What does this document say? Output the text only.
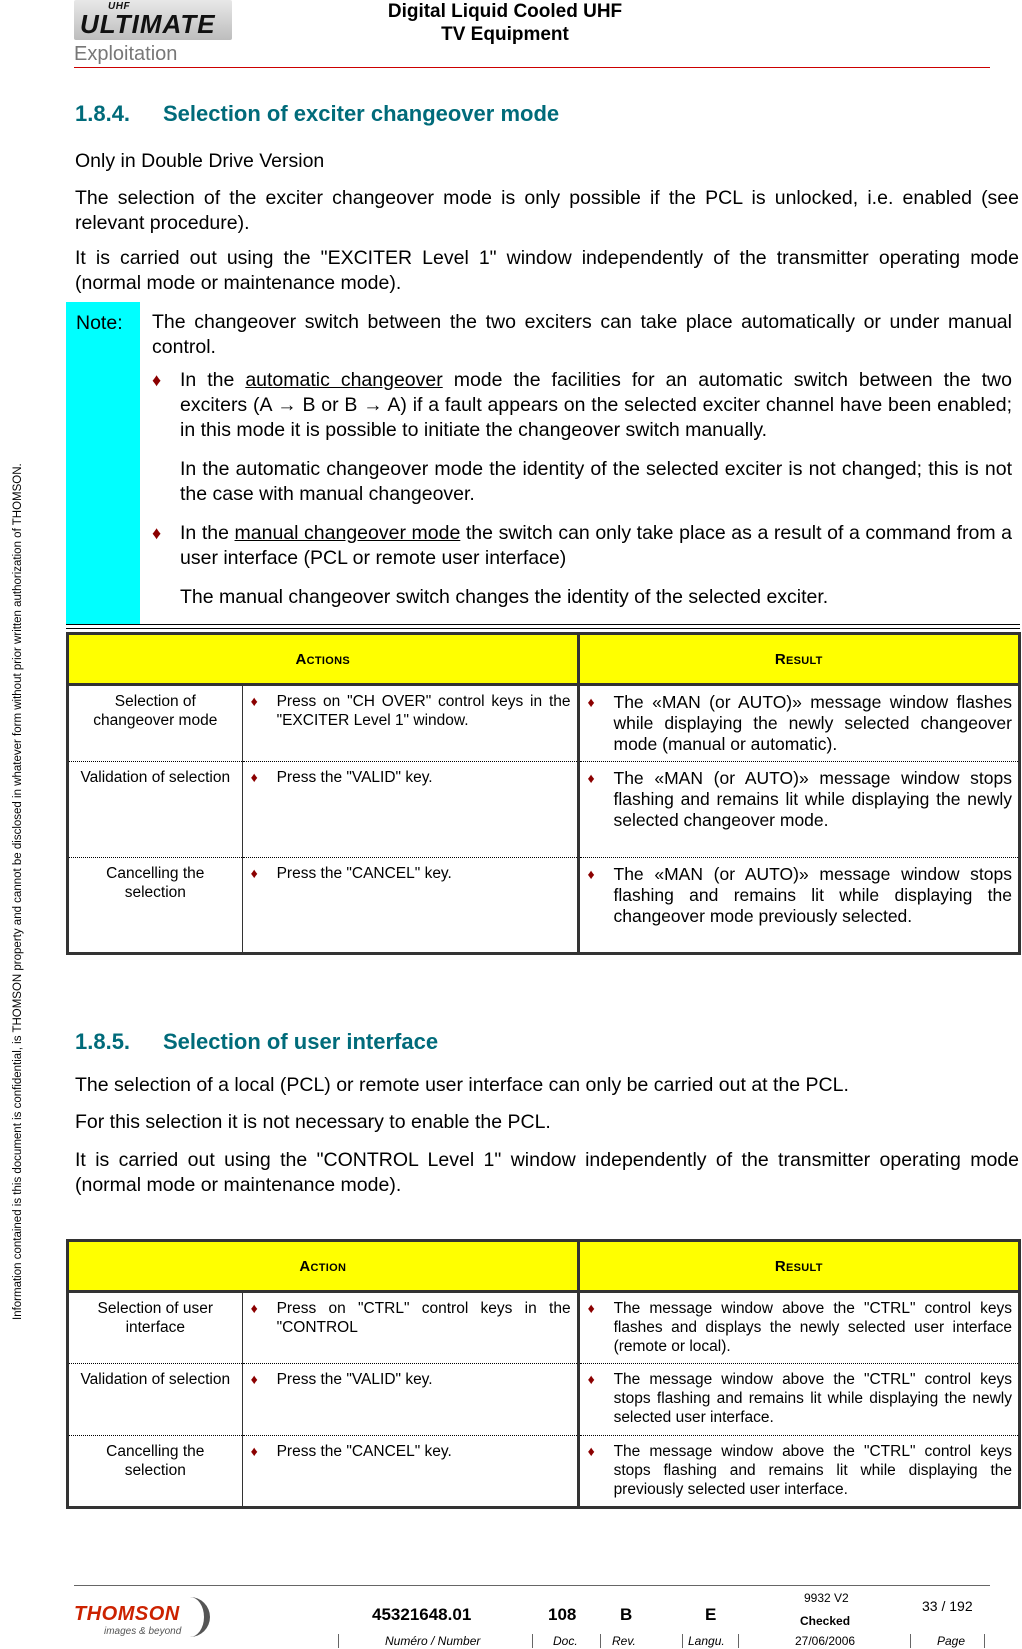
UHF
ULTIMATE	Digital Liquid Cooled UHF
TV Equipment
Exploitation
Information contained is this document is confidential, is THOMSON property and cannot be disclosed in whatever form without prior written authorization of THOMSON.
1.8.4. Selection of exciter changeover mode

Only in Double Drive Version

The selection of the exciter changeover mode is only possible if the PCL is unlocked, i.e. enabled (see relevant procedure).

It is carried out using the "EXCITER Level 1" window independently of the transmitter operating mode (normal mode or maintenance mode).

Note: The changeover switch between the two exciters can take place automatically or under manual control.

♦ In the automatic changeover mode the facilities for an automatic switch between the two exciters (A → B or B → A) if a fault appears on the selected exciter channel have been enabled; in this mode it is possible to initiate the changeover switch manually.
In the automatic changeover mode the identity of the selected exciter is not changed; this is not the case with manual changeover.
♦ In the manual changeover mode the switch can only take place as a result of a command from a user interface (PCL or remote user interface)
The manual changeover switch changes the identity of the selected exciter.
Actions		Result
Selection of changeover mode	♦ Press on "CH OVER" control keys in the "EXCITER Level 1" window.	♦ The «MAN (or AUTO)» message window flashes while displaying the newly selected changeover mode (manual or automatic).

Validation of selection	♦ Press the "VALID" key.	♦ The «MAN (or AUTO)» message window stops flashing and remains lit while displaying the newly selected changeover mode.

Cancelling the selection	♦ Press the "CANCEL" key.	♦ The «MAN (or AUTO)» message window stops flashing and remains lit while displaying the changeover mode previously selected.
1.8.5. Selection of user interface

The selection of a local (PCL) or remote user interface can only be carried out at the PCL.

For this selection it is not necessary to enable the PCL.

It is carried out using the "CONTROL Level 1" window independently of the transmitter operating mode (normal mode or maintenance mode).

Action		Result
Selection of user interface	♦ Press on "CTRL" control keys in the "CONTROL	♦ The message window above the "CTRL" control keys flashes and displays the newly selected user interface (remote or local).

Validation of selection	♦ Press the "VALID" key.	♦ The message window above the "CTRL" control keys stops flashing and remains lit while displaying the newly selected user interface.

Cancelling the selection	♦ Press the "CANCEL" key.	♦ The message window above the "CTRL" control keys stops flashing and remains lit while displaying the previously selected user interface.
THOMSON
images & beyond
9932 V2
45321648.01	108	B	E	Checked
33 / 192
Numéro / Number	Doc.	Rev.	Langu.	27/06/2006	Page
